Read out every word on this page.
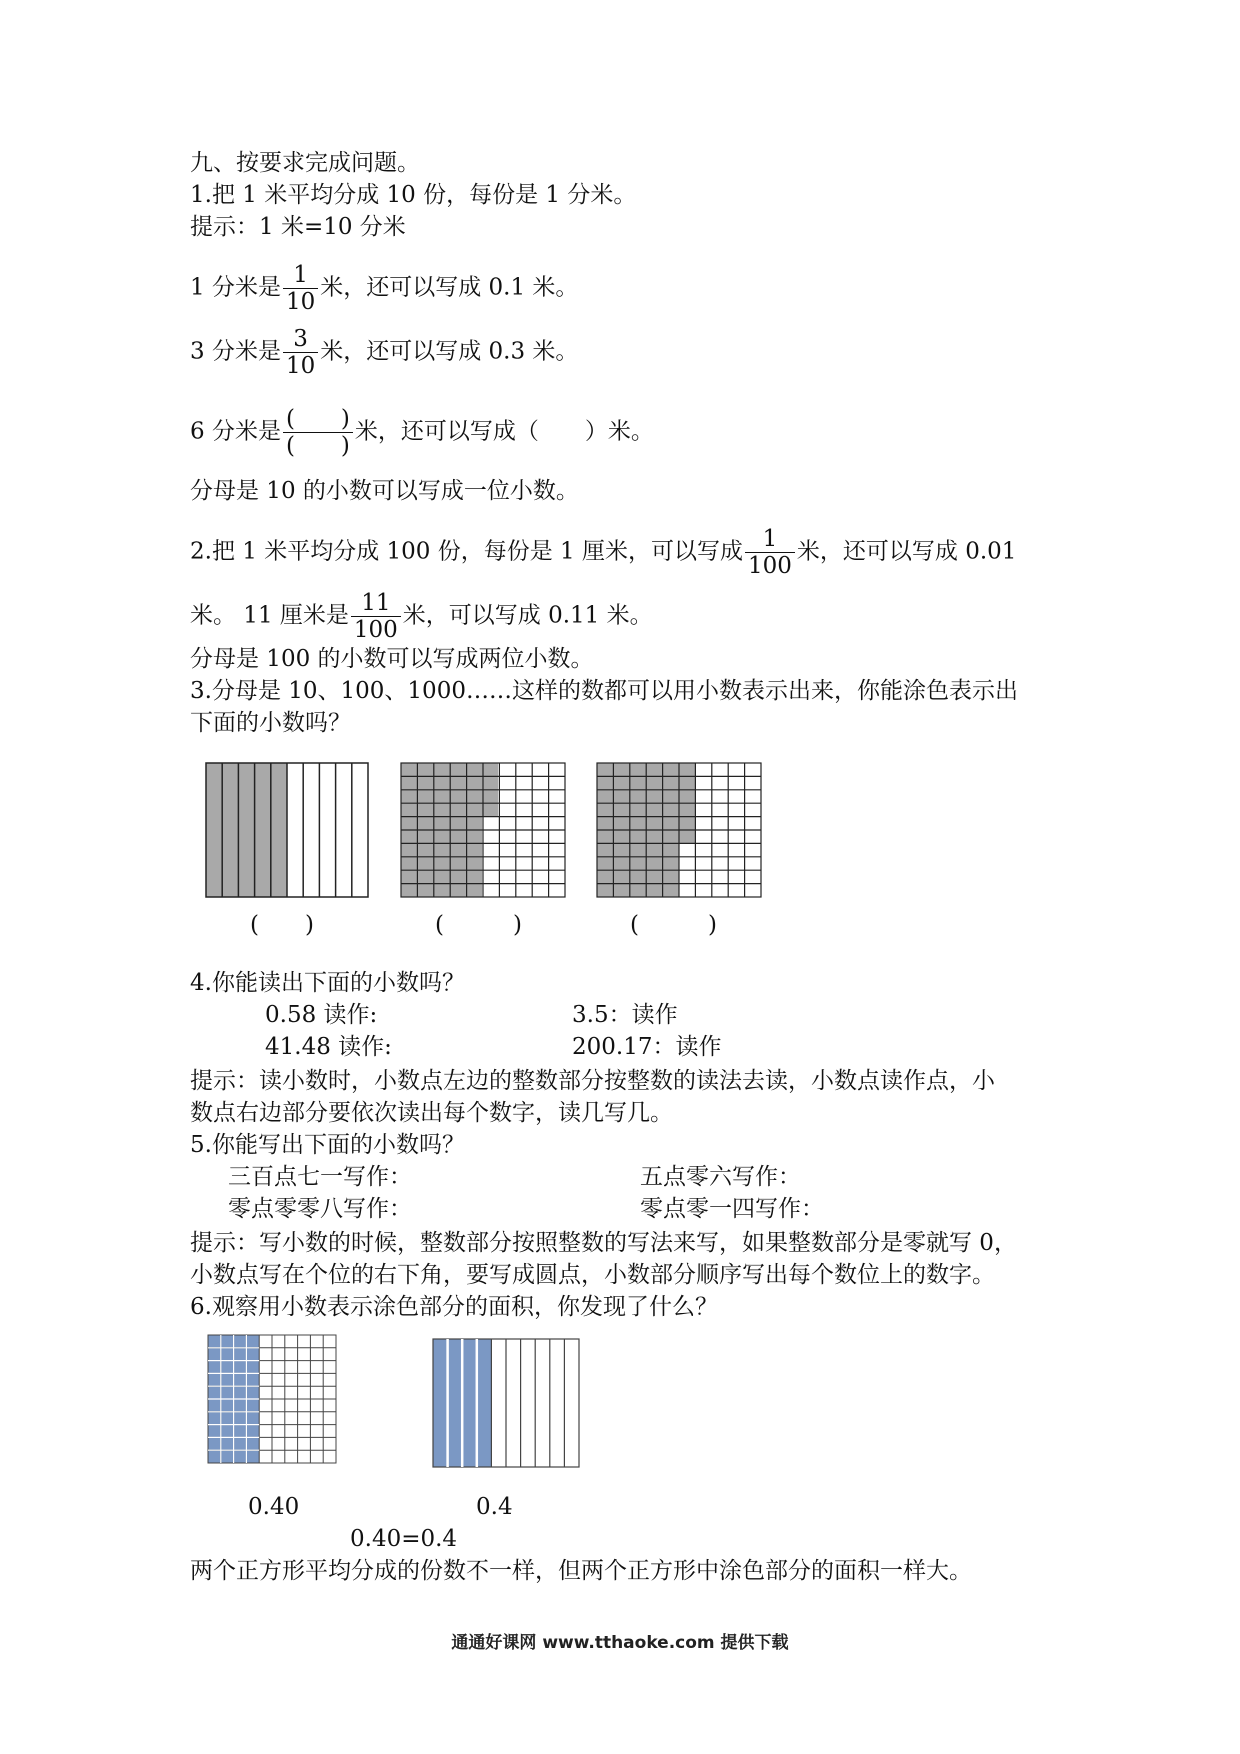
九、按要求完成问题。
1.把 1 米平均分成 10 份，每份是 1 分米。
提示：1 米=10 分米
1 分米是 $\frac{1}{10}$ 米，还可以写成 0.1 米。
3 分米是 $\frac{3}{10}$ 米，还可以写成 0.3 米。
6 分米是 $\frac{( )}{( )}$ 米，还可以写成（　　）米。
分母是 10 的小数可以写成一位小数。
2.把 1 米平均分成 100 份，每份是 1 厘米，可以写成 $\frac{1}{100}$ 米，还可以写成 0.01
米。 11 厘米是 $\frac{11}{100}$ 米，可以写成 0.11 米。
分母是 100 的小数可以写成两位小数。
3.分母是 10、100、1000……这样的数都可以用小数表示出来，你能涂色表示出
下面的小数吗？
(　　)	(　　　)	(　　　)
4.你能读出下面的小数吗？
0.58 读作:	3.5：读作
41.48 读作:	200.17：读作
提示：读小数时，小数点左边的整数部分按整数的读法去读，小数点读作点，小
数点右边部分要依次读出每个数字，读几写几。
5.你能写出下面的小数吗？
三百点七一写作：	五点零六写作：
零点零零八写作：	零点零一四写作：
提示：写小数的时候，整数部分按照整数的写法来写，如果整数部分是零就写 0，
小数点写在个位的右下角，要写成圆点，小数部分顺序写出每个数位上的数字。
6.观察用小数表示涂色部分的面积，你发现了什么？
0.40	0.4
0.40=0.4
两个正方形平均分成的份数不一样，但两个正方形中涂色部分的面积一样大。
通通好课网 www.tthaoke.com 提供下载
